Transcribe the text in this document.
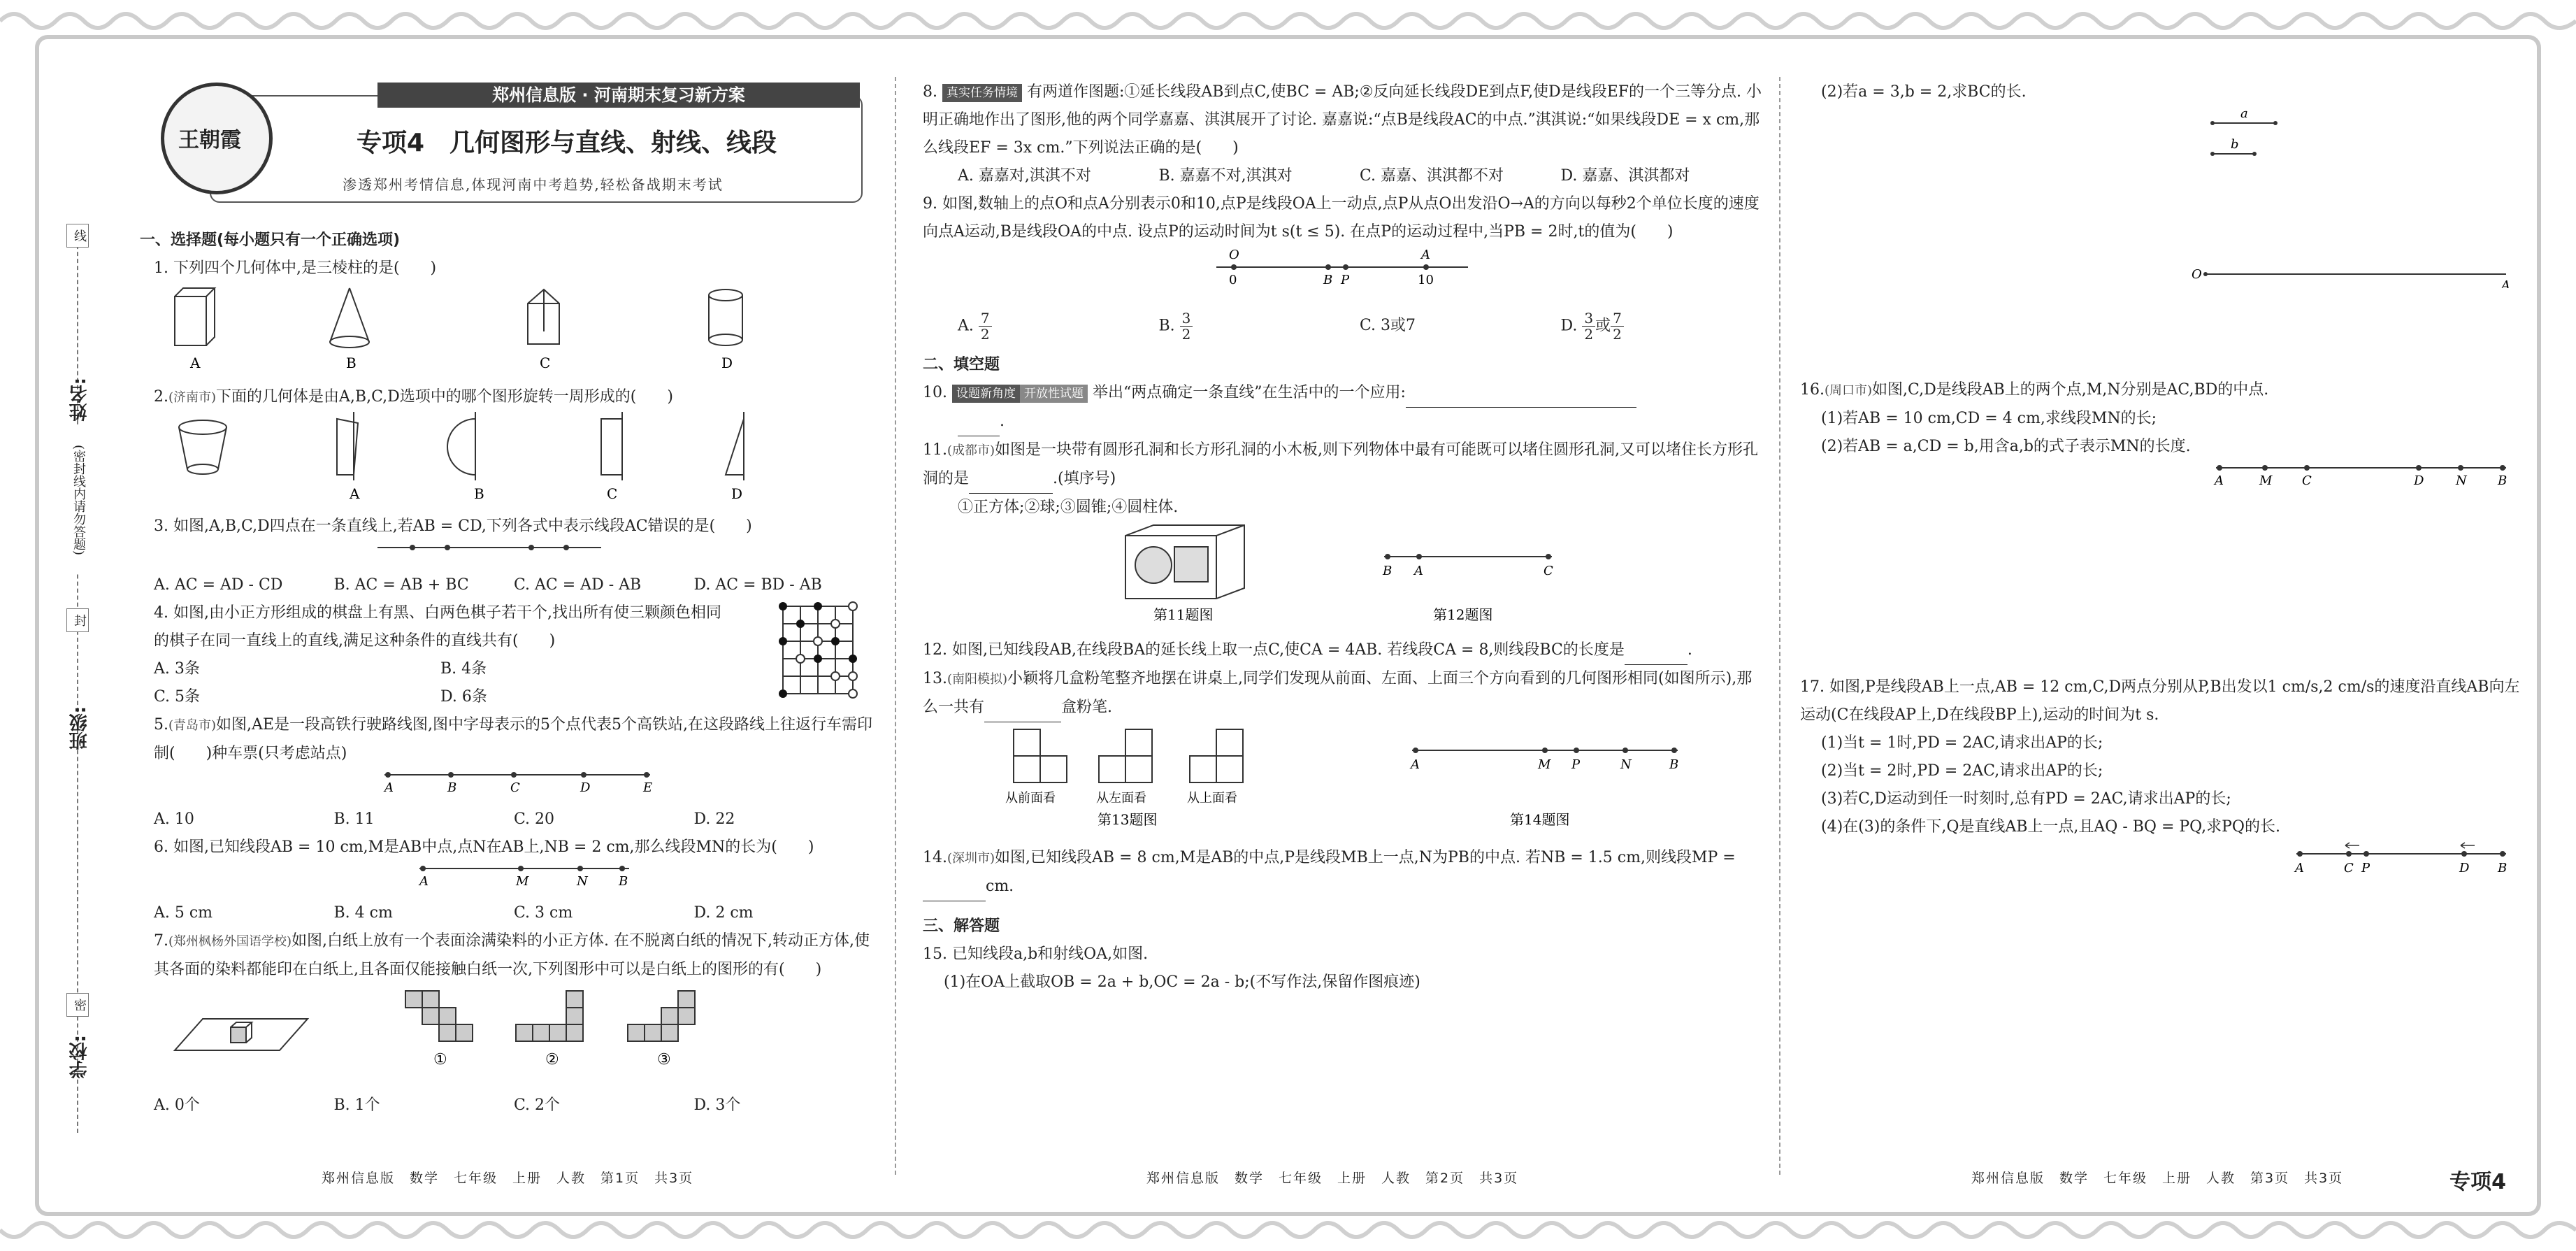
姓名:
班级:
学校:
线
封
密
(密封线内请勿答题)
王朝霞
郑州信息版 · 河南期末复习新方案
专项4　几何图形与直线、射线、线段
渗透郑州考情信息,体现河南中考趋势,轻松备战期末考试
一、选择题(每小题只有一个正确选项)

1. 下列四个几何体中,是三棱柱的是(　　)

A	B	C	D

2.(济南市)下面的几何体是由A,B,C,D选项中的哪个图形旋转一周形成的(　　)

A	B	C	D

3. 如图,A,B,C,D四点在一条直线上,若AB = CD,下列各式中表示线段AC错误的是(　　)

A. AC = AD - CD	B. AC = AB + BC	C. AC = AD - AB	D. AC = BD - AB

4. 如图,由小正方形组成的棋盘上有黑、白两色棋子若干个,找出所有使三颗颜色相同的棋子在同一直线上的直线,满足这种条件的直线共有(　　)

A. 3条	B. 4条
C. 5条	D. 6条

5.(青岛市)如图,AE是一段高铁行驶路线图,图中字母表示的5个点代表5个高铁站,在这段路线上往返行车需印制(　　)种车票(只考虑站点)

A	B	C	D	E
A. 10	B. 11	C. 20	D. 22

6. 如图,已知线段AB = 10 cm,M是AB中点,点N在AB上,NB = 2 cm,那么线段MN的长为(　　)

A	M	N B
A. 5 cm	B. 4 cm	C. 3 cm	D. 2 cm

7.(郑州枫杨外国语学校)如图,白纸上放有一个表面涂满染料的小正方体. 在不脱离白纸的情况下,转动正方体,使其各面的染料都能印在白纸上,且各面仅能接触白纸一次,下列图形中可以是白纸上的图形的有(　　)

①	②	③
A. 0个	B. 1个	C. 2个	D. 3个
郑州信息版　数学　七年级　上册　人教　第1页　共3页

8. 真实任务情境 有两道作图题:①延长线段AB到点C,使BC = AB;②反向延长线段DE到点F,使D是线段EF的一个三等分点. 小明正确地作出了图形,他的两个同学嘉嘉、淇淇展开了讨论. 嘉嘉说:“点B是线段AC的中点.”淇淇说:“如果线段DE = x cm,那么线段EF = 3x cm.”下列说法正确的是(　　)

A. 嘉嘉对,淇淇不对	B. 嘉嘉不对,淇淇对	C. 嘉嘉、淇淇都不对	D. 嘉嘉、淇淇都对

9. 如图,数轴上的点O和点A分别表示0和10,点P是线段OA上一动点,点P从点O出发沿O→A的方向以每秒2个单位长度的速度向点A运动,B是线段OA的中点. 设点P的运动时间为t s(t ≤ 5). 在点P的运动过程中,当PB = 2时,t的值为(　　)

O
0	B P
A
10
A. $\frac{7}{2}$	B. $\frac{3}{2}$	C. 3或7	D. $\frac{3}{2}$ 或 $\frac{7}{2}$
二、填空题

10. 设题新角度 开放性试题 举出“两点确定一条直线”在生活中的一个应用:

.

11.(成都市)如图是一块带有圆形孔洞和长方形孔洞的小木板,则下列物体中最有可能既可以堵住圆形孔洞,又可以堵住长方形孔洞的是	.(填序号)

①正方体;②球;③圆锥;④圆柱体.

B A	C
第11题图	第12题图

12. 如图,已知线段AB,在线段BA的延长线上取一点C,使CA = 4AB. 若线段CA = 8,则线段BC的长度是	.

13.(南阳模拟)小颖将几盒粉笔整齐地摆在讲桌上,同学们发现从前面、左面、上面三个方向看到的几何图形相同(如图所示),那么一共有	盒粉笔.

从前面看	从左面看	从上面看
第13题图
A	M P	N	B
第14题图

14.(深圳市)如图,已知线段AB = 8 cm,M是AB的中点,P是线段MB上一点,N为PB的中点. 若NB = 1.5 cm,则线段MP = cm.

三、解答题

15. 已知线段a,b和射线OA,如图.

(1)在OA上截取OB = 2a + b,OC = 2a - b;(不写作法,保留作图痕迹)

郑州信息版　数学　七年级　上册　人教　第2页　共3页

(2)若a = 3,b = 2,求BC的长.

a
b
O
A

16.(周口市)如图,C,D是线段AB上的两个点,M,N分别是AC,BD的中点.

(1)若AB = 10 cm,CD = 4 cm,求线段MN的长;

(2)若AB = a,CD = b,用含a,b的式子表示MN的长度.

A	M C	D	N B

17. 如图,P是线段AB上一点,AB = 12 cm,C,D两点分别从P,B出发以1 cm/s,2 cm/s的速度沿直线AB向左运动(C在线段AP上,D在线段BP上),运动的时间为t s.

(1)当t = 1时,PD = 2AC,请求出AP的长;

(2)当t = 2时,PD = 2AC,请求出AP的长;

(3)若C,D运动到任一时刻时,总有PD = 2AC,请求出AP的长;

(4)在(3)的条件下,Q是直线AB上一点,且AQ - BQ = PQ,求PQ的长.

A	C P	D B
郑州信息版　数学　七年级　上册　人教　第3页　共3页	专项4
